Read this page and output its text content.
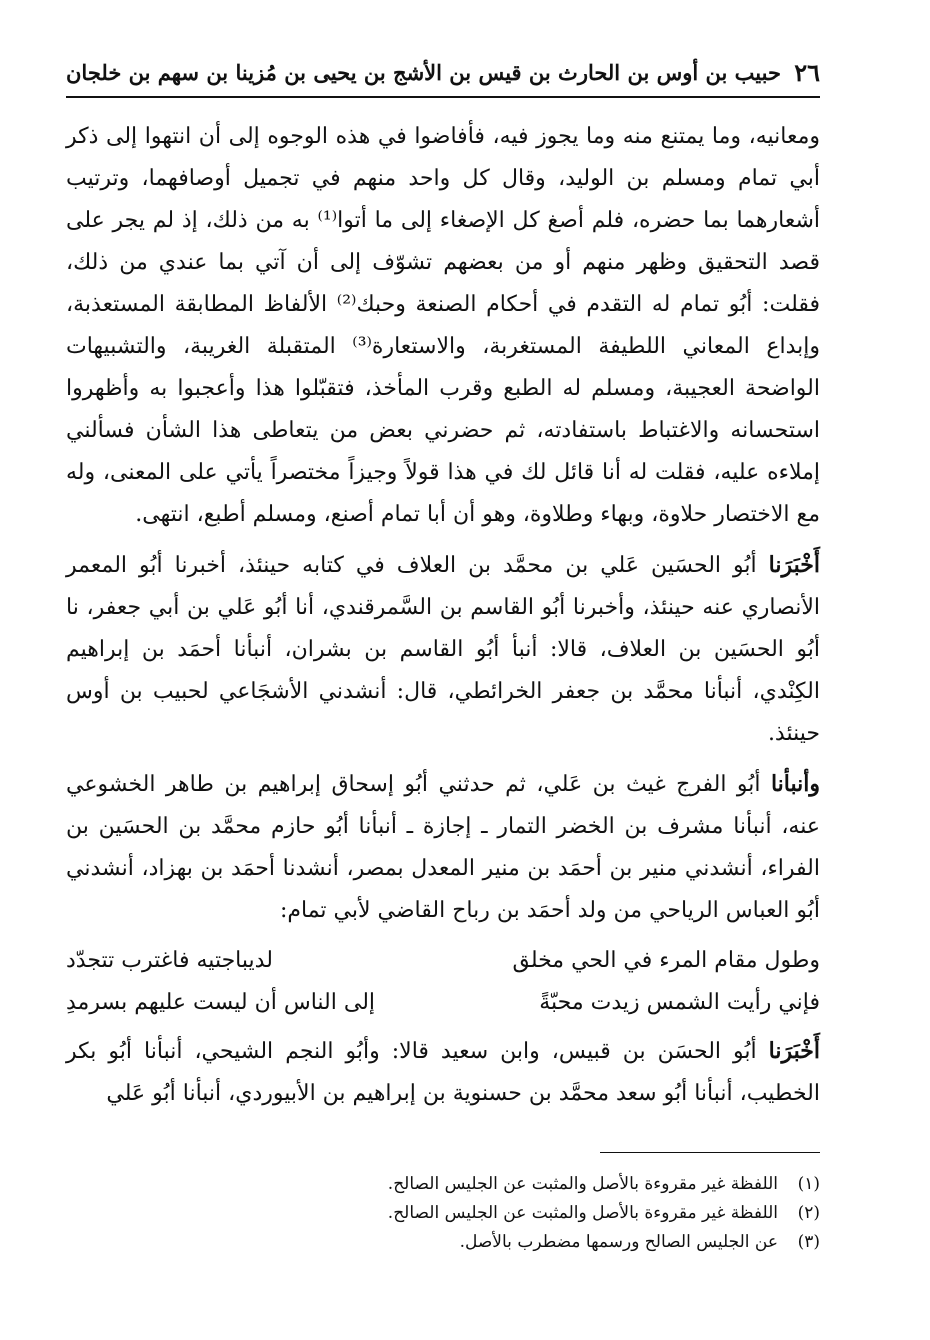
٢٦
حبيب بن أوس بن الحارث بن قيس بن الأشج بن يحيى بن مُزينا بن سهم بن خلجان

ومعانيه، وما يمتنع منه وما يجوز فيه، فأفاضوا في هذه الوجوه إلى أن انتهوا إلى ذكر أبي تمام ومسلم بن الوليد، وقال كل واحد منهم في تجميل أوصافهما، وترتيب أشعارهما بما حضره، فلم أصغ كل الإصغاء إلى ما أتوا⁽¹⁾ به من ذلك، إذ لم يجر على قصد التحقيق وظهر منهم أو من بعضهم تشوّف إلى أن آتي بما عندي من ذلك، فقلت: أبُو تمام له التقدم في أحكام الصنعة وحبك⁽²⁾ الألفاظ المطابقة المستعذبة، وإبداع المعاني اللطيفة المستغربة، والاستعارة⁽³⁾ المتقبلة الغريبة، والتشبيهات الواضحة العجيبة، ومسلم له الطبع وقرب المأخذ، فتقبّلوا هذا وأعجبوا به وأظهروا استحسانه والاغتباط باستفادته، ثم حضرني بعض من يتعاطى هذا الشأن فسألني إملاءه عليه، فقلت له أنا قائل لك في هذا قولاً وجيزاً مختصراً يأتي على المعنى، وله مع الاختصار حلاوة، وبهاء وطلاوة، وهو أن أبا تمام أصنع، ومسلم أطبع، انتهى.

أَخْبَرَنا أبُو الحسَين عَلي بن محمَّد بن العلاف في كتابه حينئذ، أخبرنا أبُو المعمر الأنصاري عنه حينئذ، وأخبرنا أبُو القاسم بن السَّمرقندي، أنا أبُو عَلي بن أبي جعفر، نا أبُو الحسَين بن العلاف، قالا: أنبأ أبُو القاسم بن بشران، أنبأنا أحمَد بن إبراهيم الكِنْدي، أنبأنا محمَّد بن جعفر الخرائطي، قال: أنشدني الأشجَاعي لحبيب بن أوس حينئذ.

وأنبأنا أبُو الفرج غيث بن عَلي، ثم حدثني أبُو إسحاق إبراهيم بن طاهر الخشوعي عنه، أنبأنا مشرف بن الخضر التمار ـ إجازة ـ أنبأنا أبُو حازم محمَّد بن الحسَين بن الفراء، أنشدني منير بن أحمَد بن منير المعدل بمصر، أنشدنا أحمَد بن بهزاد، أنشدني أبُو العباس الرياحي من ولد أحمَد بن رباح القاضي لأبي تمام:

وطول مقام المرء في الحي مخلق
لديباجتيه فاغترب تتجدّد
فإني رأيت الشمس زيدت محبّةً
إلى الناس أن ليست عليهم بسرمدِ

أَخْبَرَنا أبُو الحسَن بن قبيس، وابن سعيد قالا: وأبُو النجم الشيحي، أنبأنا أبُو بكر الخطيب، أنبأنا أبُو سعد محمَّد بن حسنوية بن إبراهيم بن الأبيوردي، أنبأنا أبُو عَلي

(١)
اللفظة غير مقروءة بالأصل والمثبت عن الجليس الصالح.
(٢)
اللفظة غير مقروءة بالأصل والمثبت عن الجليس الصالح.
(٣)
عن الجليس الصالح ورسمها مضطرب بالأصل.
